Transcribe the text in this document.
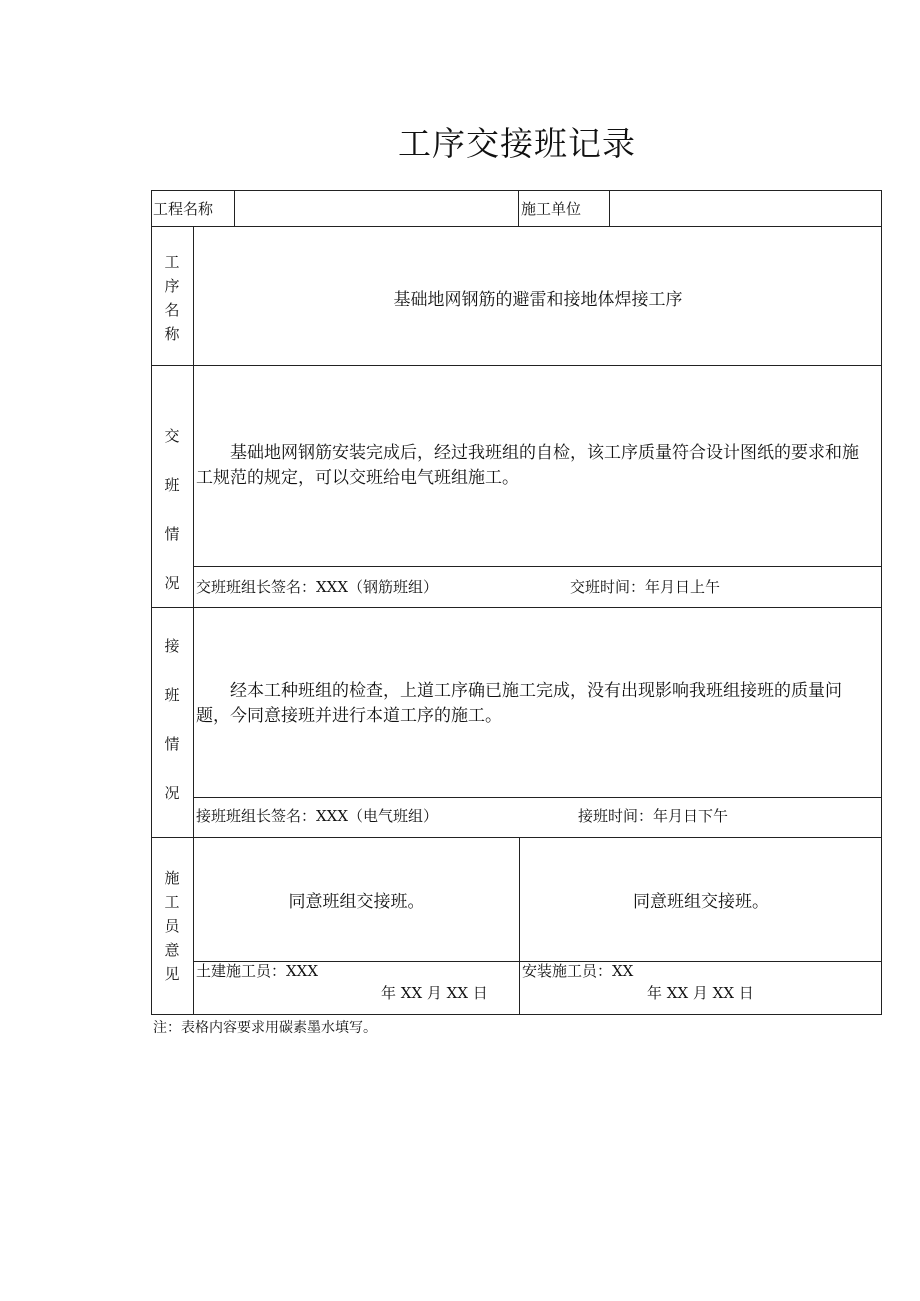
工序交接班记录
工程名称	施工单位
工
序
名
称
基础地网钢筋的避雷和接地体焊接工序
交
班
情
况
基础地网钢筋安装完成后，经过我班组的自检，该工序质量符合设计图纸的要求和施工规范的规定，可以交班给电气班组施工。
交班班组长签名：XXX（钢筋班组）	交班时间：年月日上午
接
班
情
况
经本工种班组的检查，上道工序确已施工完成，没有出现影响我班组接班的质量问题，今同意接班并进行本道工序的施工。
接班班组长签名：XXX（电气班组）	接班时间：年月日下午
施
工
员
意
见
同意班组交接班。	同意班组交接班。
土建施工员：XXX
年 XX 月 XX 日
安装施工员：XX
年 XX 月 XX 日
注：表格内容要求用碳素墨水填写。
